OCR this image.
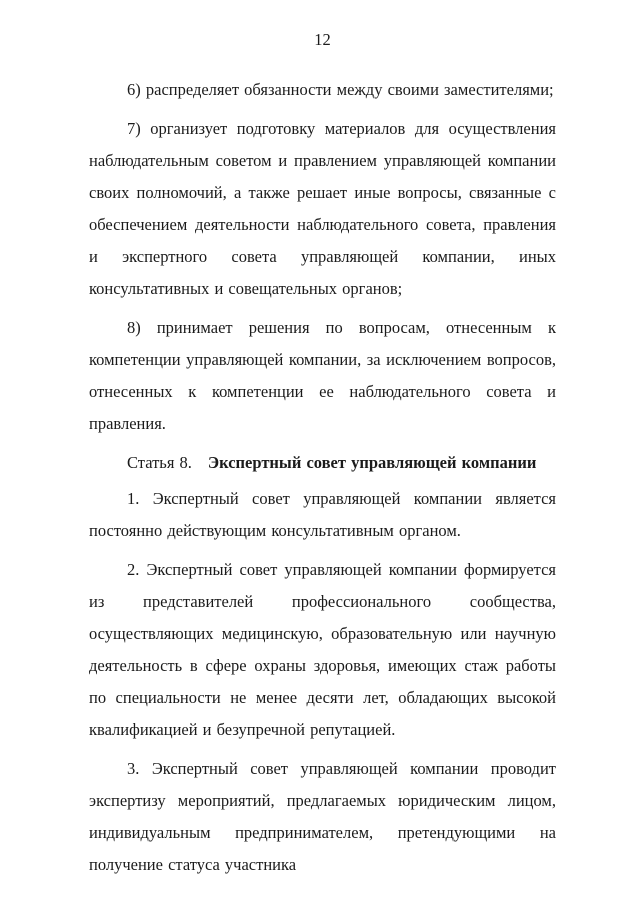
12

6) распределяет обязанности между своими заместителями;

7) организует подготовку материалов для осуществления наблюдательным советом и правлением управляющей компании своих полномочий, а также решает иные вопросы, связанные с обеспечением деятельности наблюдательного совета, правления и экспертного совета управляющей компании, иных консультативных и совещательных органов;

8) принимает решения по вопросам, отнесенным к компетенции управляющей компании, за исключением вопросов, отнесенных к компетенции ее наблюдательного совета и правления.

Статья 8. Экспертный совет управляющей компании

1. Экспертный совет управляющей компании является постоянно действующим консультативным органом.

2. Экспертный совет управляющей компании формируется из представителей профессионального сообщества, осуществляющих медицинскую, образовательную или научную деятельность в сфере охраны здоровья, имеющих стаж работы по специальности не менее десяти лет, обладающих высокой квалификацией и безупречной репутацией.

3. Экспертный совет управляющей компании проводит экспертизу мероприятий, предлагаемых юридическим лицом, индивидуальным предпринимателем, претендующими на получение статуса участника
